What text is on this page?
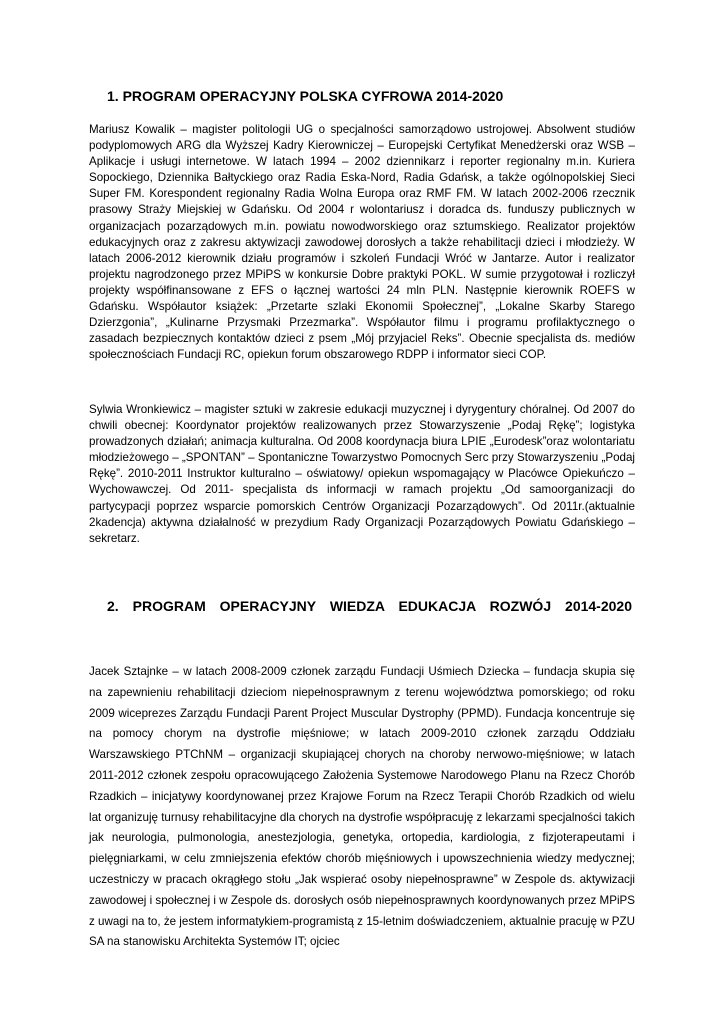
1. PROGRAM OPERACYJNY POLSKA CYFROWA 2014-2020

Mariusz Kowalik – magister politologii UG o specjalności samorządowo ustrojowej. Absolwent studiów podyplomowych ARG dla Wyższej Kadry Kierowniczej – Europejski Certyfikat Menedżerski oraz WSB – Aplikacje i usługi internetowe. W latach 1994 – 2002 dziennikarz i reporter regionalny m.in. Kuriera Sopockiego, Dziennika Bałtyckiego oraz Radia Eska-Nord, Radia Gdańsk, a także ogólnopolskiej Sieci Super FM. Korespondent regionalny Radia Wolna Europa oraz RMF FM. W latach 2002-2006 rzecznik prasowy Straży Miejskiej w Gdańsku. Od 2004 r wolontariusz i doradca ds. funduszy publicznych w organizacjach pozarządowych m.in. powiatu nowodworskiego oraz sztumskiego. Realizator projektów edukacyjnych oraz z zakresu aktywizacji zawodowej dorosłych a także rehabilitacji dzieci i młodzieży. W latach 2006-2012 kierownik działu programów i szkoleń Fundacji Wróć w Jantarze. Autor i realizator projektu nagrodzonego przez MPiPS w konkursie Dobre praktyki POKL. W sumie przygotował i rozliczył projekty współfinansowane z EFS o łącznej wartości 24 mln PLN. Następnie kierownik ROEFS w Gdańsku. Współautor książek: „Przetarte szlaki Ekonomii Społecznej”, „Lokalne Skarby Starego Dzierzgonia”, „Kulinarne Przysmaki Przezmarka”. Współautor filmu i programu profilaktycznego o zasadach bezpiecznych kontaktów dzieci z psem „Mój przyjaciel Reks”. Obecnie specjalista ds. mediów społecznościach Fundacji RC, opiekun forum obszarowego RDPP i informator sieci COP.

Sylwia Wronkiewicz – magister sztuki w zakresie edukacji muzycznej i dyrygentury chóralnej. Od 2007 do chwili obecnej: Koordynator projektów realizowanych przez Stowarzyszenie „Podaj Rękę”; logistyka prowadzonych działań; animacja kulturalna. Od 2008 koordynacja biura LPIE „Eurodesk”oraz wolontariatu młodzieżowego – „SPONTAN” – Spontaniczne Towarzystwo Pomocnych Serc przy Stowarzyszeniu „Podaj Rękę”. 2010-2011 Instruktor kulturalno – oświatowy/ opiekun wspomagający w Placówce Opiekuńczo – Wychowawczej. Od 2011- specjalista ds informacji w ramach projektu „Od samoorganizacji do partycypacji poprzez wsparcie pomorskich Centrów Organizacji Pozarządowych”. Od 2011r.(aktualnie 2kadencja) aktywna działalność w prezydium Rady Organizacji Pozarządowych Powiatu Gdańskiego – sekretarz.

2. PROGRAM OPERACYJNY WIEDZA EDUKACJA ROZWÓJ 2014-2020

Jacek Sztajnke – w latach 2008-2009 członek zarządu Fundacji Uśmiech Dziecka – fundacja skupia się na zapewnieniu rehabilitacji dzieciom niepełnosprawnym z terenu województwa pomorskiego; od roku 2009 wiceprezes Zarządu Fundacji Parent Project Muscular Dystrophy (PPMD). Fundacja koncentruje się na pomocy chorym na dystrofie mięśniowe; w latach 2009-2010 członek zarządu Oddziału Warszawskiego PTChNM – organizacji skupiającej chorych na choroby nerwowo-mięśniowe; w latach 2011-2012 członek zespołu opracowującego Założenia Systemowe Narodowego Planu na Rzecz Chorób Rzadkich – inicjatywy koordynowanej przez Krajowe Forum na Rzecz Terapii Chorób Rzadkich od wielu lat organizuję turnusy rehabilitacyjne dla chorych na dystrofie współpracuję z lekarzami specjalności takich jak neurologia, pulmonologia, anestezjologia, genetyka, ortopedia, kardiologia, z fizjoterapeutami i pielęgniarkami, w celu zmniejszenia efektów chorób mięśniowych i upowszechnienia wiedzy medycznej; uczestniczy w pracach okrągłego stołu „Jak wspierać osoby niepełnosprawne” w Zespole ds. aktywizacji zawodowej i społecznej i w Zespole ds. dorosłych osób niepełnosprawnych koordynowanych przez MPiPS z uwagi na to, że jestem informatykiem‑programistą z 15-letnim doświadczeniem, aktualnie pracuję w PZU SA na stanowisku Architekta Systemów IT; ojciec
